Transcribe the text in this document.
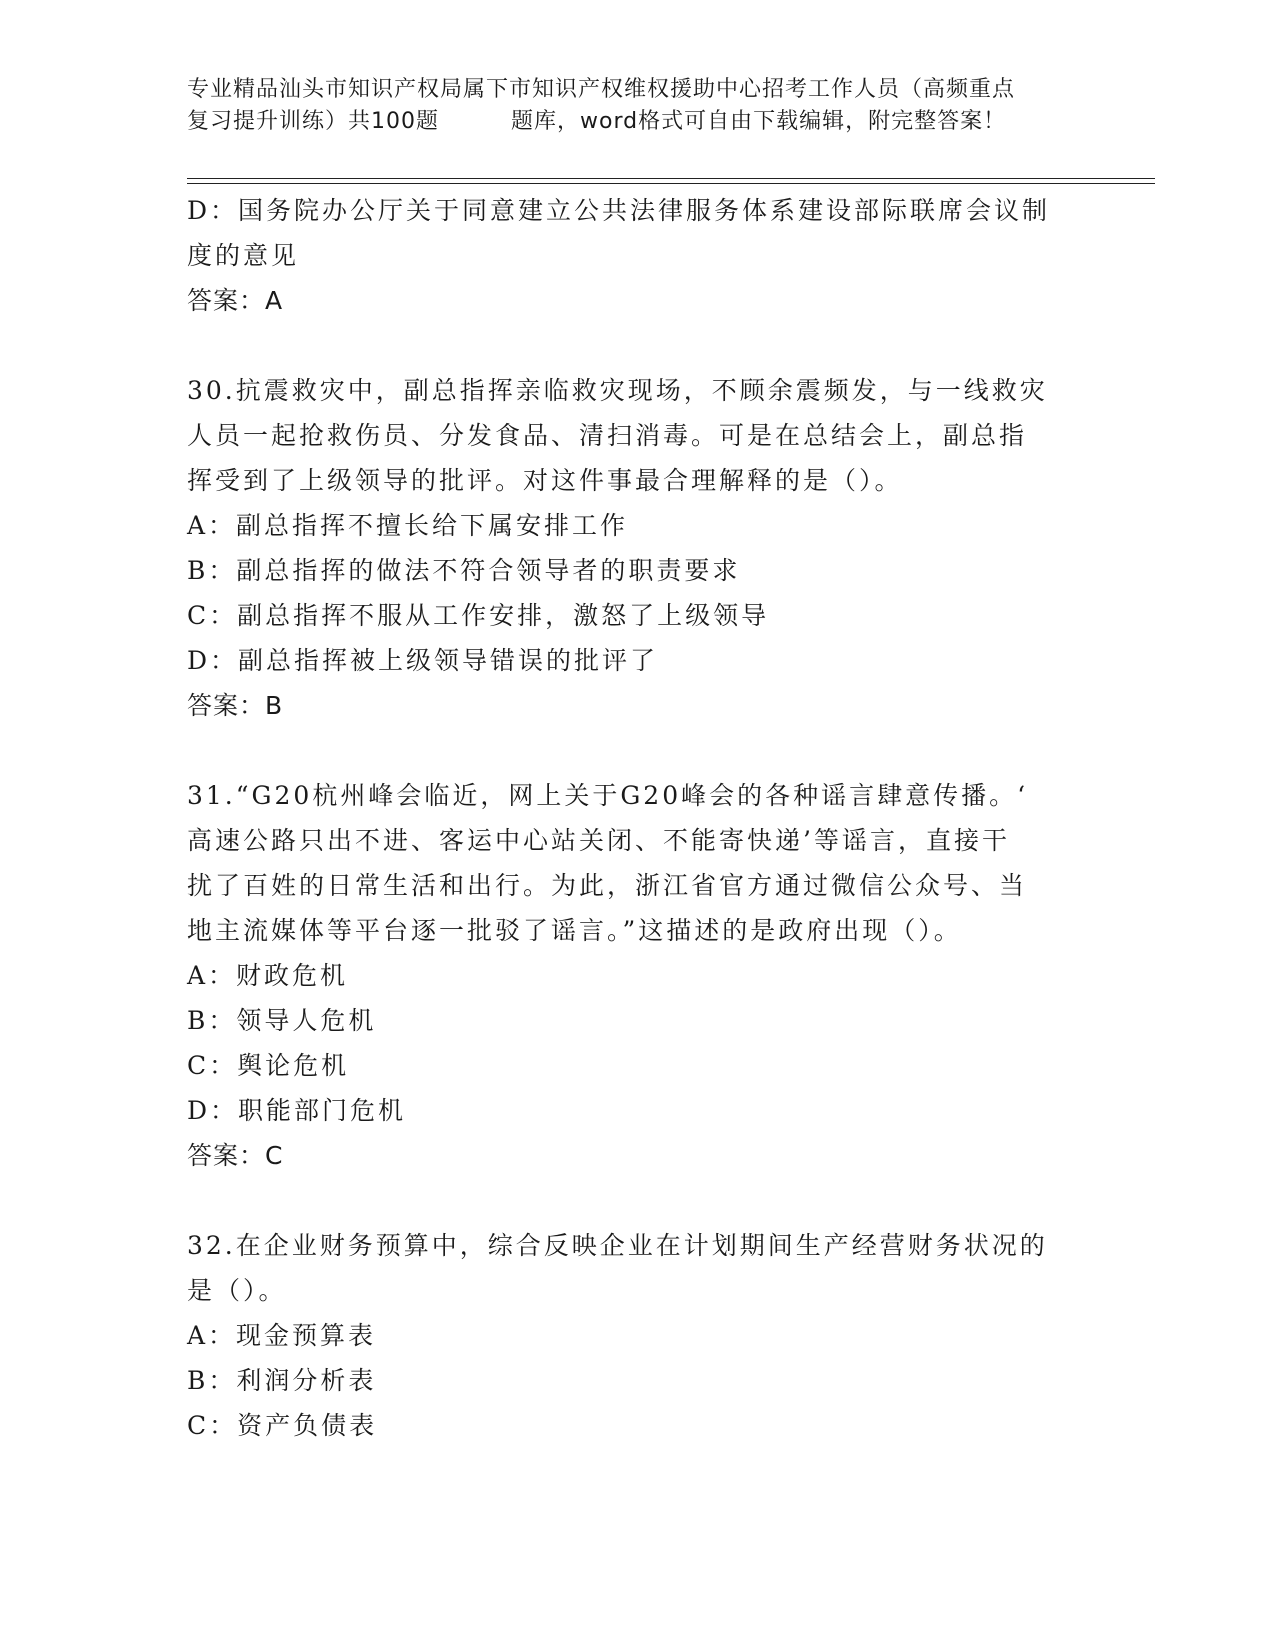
专业精品汕头市知识产权局属下市知识产权维权援助中心招考工作人员（高频重点
复习提升训练）共100题	题库，word格式可自由下载编辑，附完整答案！
D：国务院办公厅关于同意建立公共法律服务体系建设部际联席会议制
度的意见
答案：A
30.抗震救灾中，副总指挥亲临救灾现场，不顾余震频发，与一线救灾
人员一起抢救伤员、分发食品、清扫消毒。可是在总结会上，副总指
挥受到了上级领导的批评。对这件事最合理解释的是（）。
A：副总指挥不擅长给下属安排工作
B：副总指挥的做法不符合领导者的职责要求
C：副总指挥不服从工作安排，激怒了上级领导
D：副总指挥被上级领导错误的批评了
答案：B
31.“G20杭州峰会临近，网上关于G20峰会的各种谣言肆意传播。‘
高速公路只出不进、客运中心站关闭、不能寄快递’等谣言，直接干
扰了百姓的日常生活和出行。为此，浙江省官方通过微信公众号、当
地主流媒体等平台逐一批驳了谣言。”这描述的是政府出现（）。
A：财政危机
B：领导人危机
C：舆论危机
D：职能部门危机
答案：C
32.在企业财务预算中，综合反映企业在计划期间生产经营财务状况的
是（）。
A：现金预算表
B：利润分析表
C：资产负债表
